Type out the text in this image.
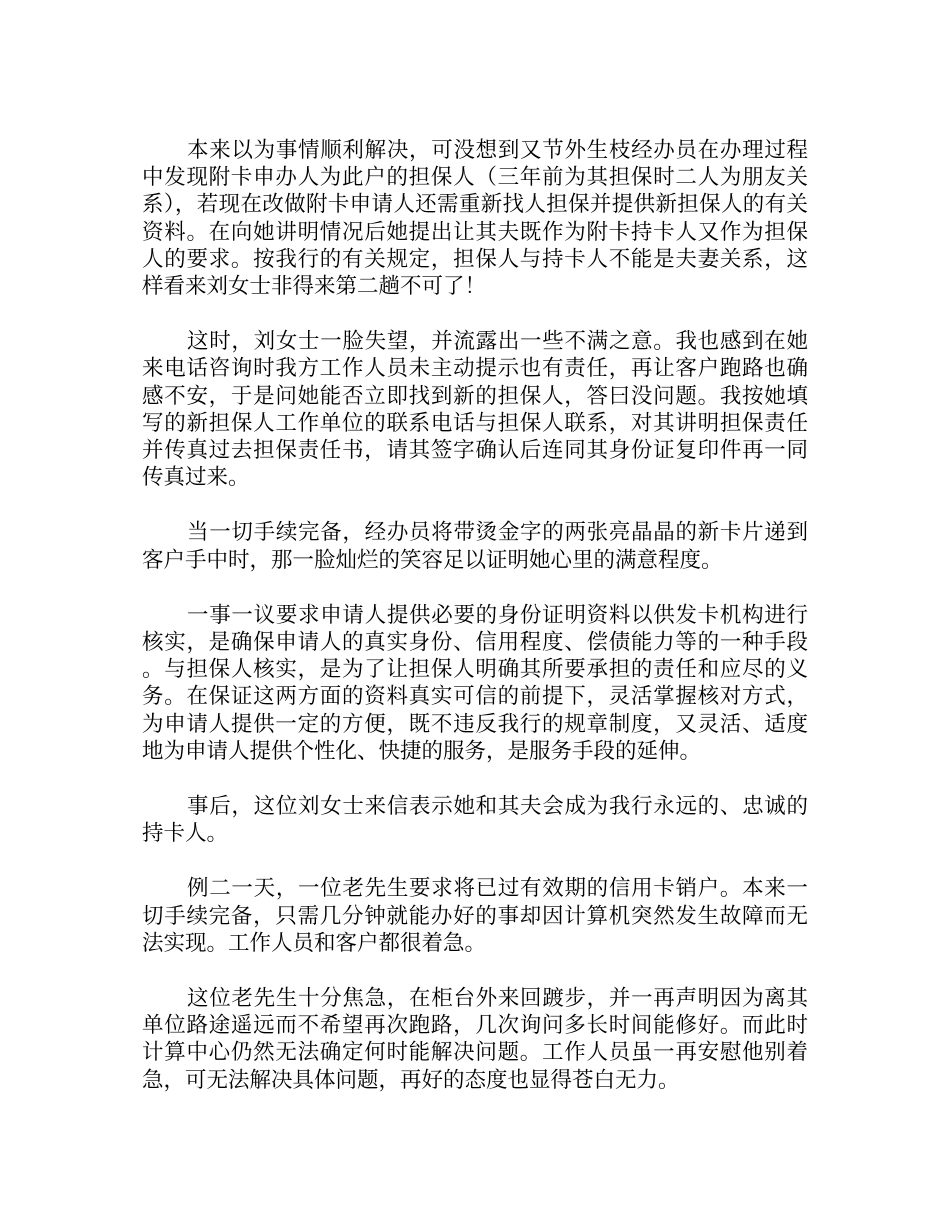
本来以为事情顺利解决，可没想到又节外生枝经办员在办理过程中发现附卡申办人为此户的担保人（三年前为其担保时二人为朋友关系），若现在改做附卡申请人还需重新找人担保并提供新担保人的有关资料。在向她讲明情况后她提出让其夫既作为附卡持卡人又作为担保人的要求。按我行的有关规定，担保人与持卡人不能是夫妻关系，这样看来刘女士非得来第二趟不可了！

这时，刘女士一脸失望，并流露出一些不满之意。我也感到在她来电话咨询时我方工作人员未主动提示也有责任，再让客户跑路也确感不安，于是问她能否立即找到新的担保人，答曰没问题。我按她填写的新担保人工作单位的联系电话与担保人联系，对其讲明担保责任并传真过去担保责任书，请其签字确认后连同其身份证复印件再一同传真过来。

当一切手续完备，经办员将带烫金字的两张亮晶晶的新卡片递到客户手中时，那一脸灿烂的笑容足以证明她心里的满意程度。

一事一议要求申请人提供必要的身份证明资料以供发卡机构进行核实，是确保申请人的真实身份、信用程度、偿债能力等的一种手段。与担保人核实，是为了让担保人明确其所要承担的责任和应尽的义务。在保证这两方面的资料真实可信的前提下，灵活掌握核对方式，为申请人提供一定的方便，既不违反我行的规章制度，又灵活、适度地为申请人提供个性化、快捷的服务，是服务手段的延伸。

事后，这位刘女士来信表示她和其夫会成为我行永远的、忠诚的持卡人。

例二一天，一位老先生要求将已过有效期的信用卡销户。本来一切手续完备，只需几分钟就能办好的事却因计算机突然发生故障而无法实现。工作人员和客户都很着急。

这位老先生十分焦急，在柜台外来回踱步，并一再声明因为离其单位路途遥远而不希望再次跑路，几次询问多长时间能修好。而此时计算中心仍然无法确定何时能解决问题。工作人员虽一再安慰他别着急，可无法解决具体问题，再好的态度也显得苍白无力。
